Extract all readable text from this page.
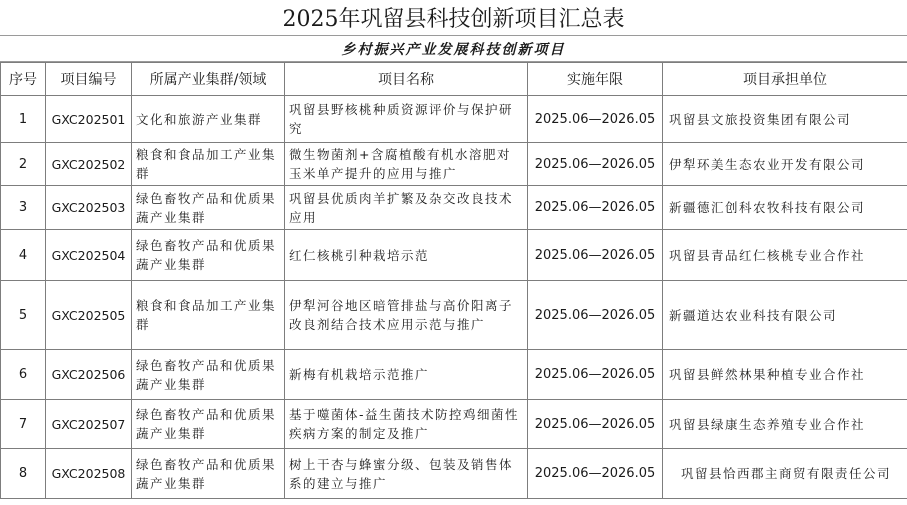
2025年巩留县科技创新项目汇总表
乡村振兴产业发展科技创新项目
序号	项目编号	所属产业集群/领域	项目名称	实施年限	项目承担单位
1	GXC202501	文化和旅游产业集群	巩留县野核桃种质资源评价与保护研究	2025.06—2026.05	巩留县文旅投资集团有限公司
2	GXC202502	粮食和食品加工产业集群	微生物菌剂+含腐植酸有机水溶肥对玉米单产提升的应用与推广	2025.06—2026.05	伊犁环美生态农业开发有限公司
3	GXC202503	绿色畜牧产品和优质果蔬产业集群	巩留县优质肉羊扩繁及杂交改良技术应用	2025.06—2026.05	新疆德汇创科农牧科技有限公司
4	GXC202504	绿色畜牧产品和优质果蔬产业集群	红仁核桃引种栽培示范	2025.06—2026.05	巩留县青品红仁核桃专业合作社
5	GXC202505	粮食和食品加工产业集群	伊犁河谷地区暗管排盐与高价阳离子改良剂结合技术应用示范与推广	2025.06—2026.05	新疆道达农业科技有限公司
6	GXC202506	绿色畜牧产品和优质果蔬产业集群	新梅有机栽培示范推广	2025.06—2026.05	巩留县鲜然林果种植专业合作社
7	GXC202507	绿色畜牧产品和优质果蔬产业集群	基于噬菌体-益生菌技术防控鸡细菌性疾病方案的制定及推广	2025.06—2026.05	巩留县绿康生态养殖专业合作社
8	GXC202508	绿色畜牧产品和优质果蔬产业集群	树上干杏与蜂蜜分级、包装及销售体系的建立与推广	2025.06—2026.05	巩留县恰西郡主商贸有限责任公司
